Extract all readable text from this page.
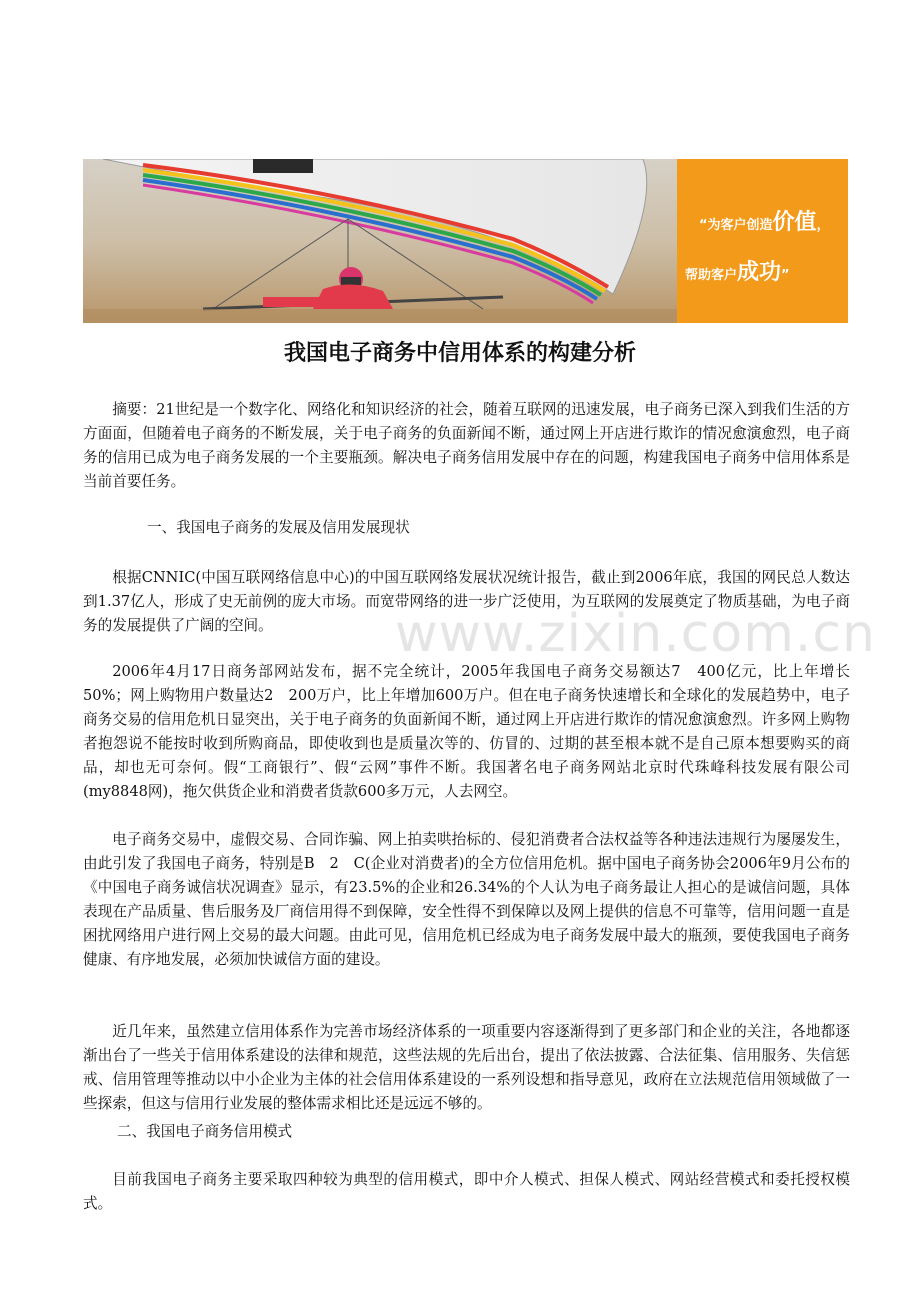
“为客户创造价值，
帮助客户成功”
我国电子商务中信用体系的构建分析

摘要：21世纪是一个数字化、网络化和知识经济的社会，随着互联网的迅速发展，电子商务已深入到我们生活的方方面面，但随着电子商务的不断发展，关于电子商务的负面新闻不断，通过网上开店进行欺诈的情况愈演愈烈，电子商务的信用已成为电子商务发展的一个主要瓶颈。解决电子商务信用发展中存在的问题，构建我国电子商务中信用体系是当前首要任务。

一、我国电子商务的发展及信用发展现状

根据CNNIC(中国互联网络信息中心)的中国互联网络发展状况统计报告，截止到2006年底，我国的网民总人数达到1.37亿人，形成了史无前例的庞大市场。而宽带网络的进一步广泛使用，为互联网的发展奠定了物质基础，为电子商务的发展提供了广阔的空间。

2006年4月17日商务部网站发布，据不完全统计，2005年我国电子商务交易额达7　400亿元，比上年增长50%；网上购物用户数量达2　200万户，比上年增加600万户。但在电子商务快速增长和全球化的发展趋势中，电子商务交易的信用危机日显突出，关于电子商务的负面新闻不断，通过网上开店进行欺诈的情况愈演愈烈。许多网上购物者抱怨说不能按时收到所购商品，即使收到也是质量次等的、仿冒的、过期的甚至根本就不是自己原本想要购买的商品，却也无可奈何。假“工商银行”、假“云网”事件不断。我国著名电子商务网站北京时代珠峰科技发展有限公司(my8848网)，拖欠供货企业和消费者货款600多万元，人去网空。

电子商务交易中，虚假交易、合同诈骗、网上拍卖哄抬标的、侵犯消费者合法权益等各种违法违规行为屡屡发生，由此引发了我国电子商务，特别是B　2　C(企业对消费者)的全方位信用危机。据中国电子商务协会2006年9月公布的《中国电子商务诚信状况调查》显示，有23.5%的企业和26.34%的个人认为电子商务最让人担心的是诚信问题，具体表现在产品质量、售后服务及厂商信用得不到保障，安全性得不到保障以及网上提供的信息不可靠等，信用问题一直是困扰网络用户进行网上交易的最大问题。由此可见，信用危机已经成为电子商务发展中最大的瓶颈，要使我国电子商务健康、有序地发展，必须加快诚信方面的建设。

近几年来，虽然建立信用体系作为完善市场经济体系的一项重要内容逐渐得到了更多部门和企业的关注，各地都逐渐出台了一些关于信用体系建设的法律和规范，这些法规的先后出台，提出了依法披露、合法征集、信用服务、失信惩戒、信用管理等推动以中小企业为主体的社会信用体系建设的一系列设想和指导意见，政府在立法规范信用领域做了一些探索，但这与信用行业发展的整体需求相比还是远远不够的。

二、我国电子商务信用模式

目前我国电子商务主要采取四种较为典型的信用模式，即中介人模式、担保人模式、网站经营模式和委托授权模式。

www.zixin.com.cn
